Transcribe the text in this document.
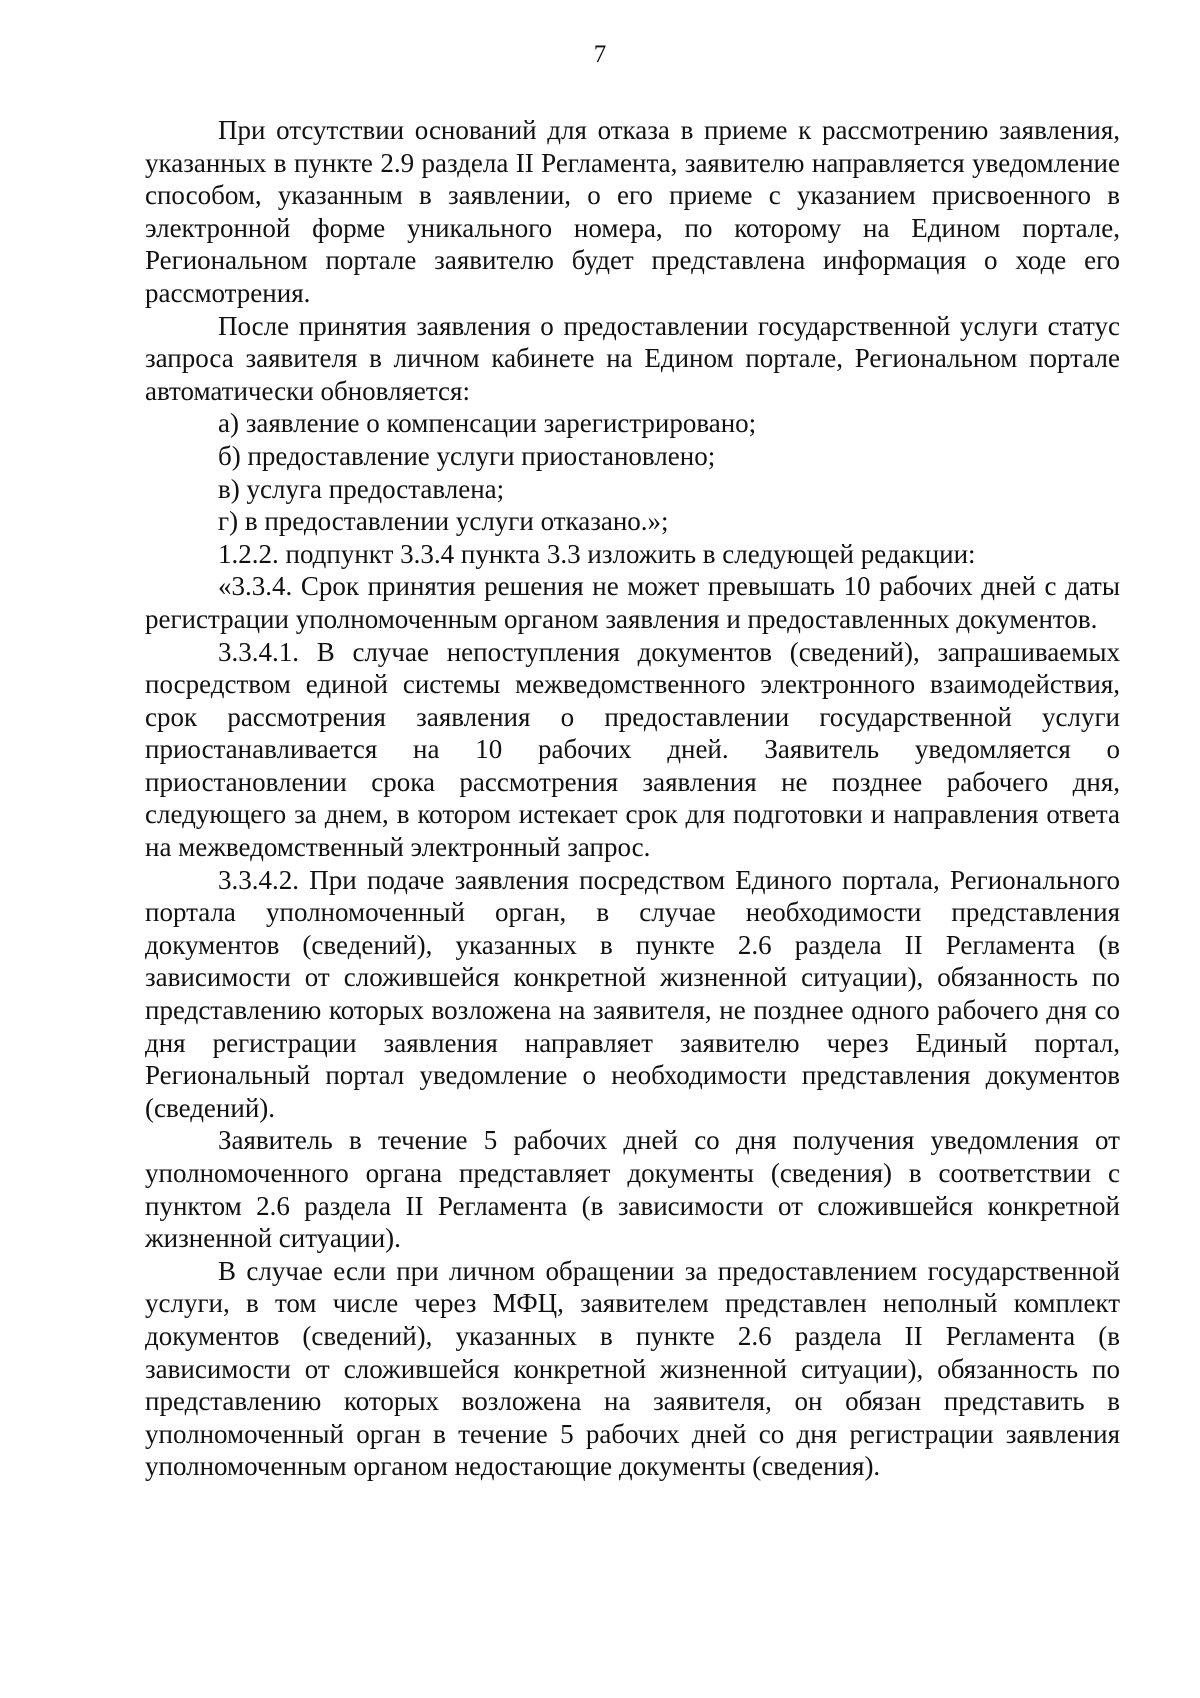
7

При отсутствии оснований для отказа в приеме к рассмотрению заявления, указанных в пункте 2.9 раздела II Регламента, заявителю направляется уведомление способом, указанным в заявлении, о его приеме с указанием присвоенного в электронной форме уникального номера, по которому на Едином портале, Региональном портале заявителю будет представлена информация о ходе его рассмотрения.

После принятия заявления о предоставлении государственной услуги статус запроса заявителя в личном кабинете на Едином портале, Региональном портале автоматически обновляется:

а) заявление о компенсации зарегистрировано;

б) предоставление услуги приостановлено;

в) услуга предоставлена;

г) в предоставлении услуги отказано.»;

1.2.2. подпункт 3.3.4 пункта 3.3 изложить в следующей редакции:

«3.3.4. Срок принятия решения не может превышать 10 рабочих дней с даты регистрации уполномоченным органом заявления и предоставленных документов.

3.3.4.1. В случае непоступления документов (сведений), запрашиваемых посредством единой системы межведомственного электронного взаимодействия, срок рассмотрения заявления о предоставлении государственной услуги приостанавливается на 10 рабочих дней. Заявитель уведомляется о приостановлении срока рассмотрения заявления не позднее рабочего дня, следующего за днем, в котором истекает срок для подготовки и направления ответа на межведомственный электронный запрос.

3.3.4.2. При подаче заявления посредством Единого портала, Регионального портала уполномоченный орган, в случае необходимости представления документов (сведений), указанных в пункте 2.6 раздела II Регламента (в зависимости от сложившейся конкретной жизненной ситуации), обязанность по представлению которых возложена на заявителя, не позднее одного рабочего дня со дня регистрации заявления направляет заявителю через Единый портал, Региональный портал уведомление о необходимости представления документов (сведений).

Заявитель в течение 5 рабочих дней со дня получения уведомления от уполномоченного органа представляет документы (сведения) в соответствии с пунктом 2.6 раздела II Регламента (в зависимости от сложившейся конкретной жизненной ситуации).

В случае если при личном обращении за предоставлением государственной услуги, в том числе через МФЦ, заявителем представлен неполный комплект документов (сведений), указанных в пункте 2.6 раздела II Регламента (в зависимости от сложившейся конкретной жизненной ситуации), обязанность по представлению которых возложена на заявителя, он обязан представить в уполномоченный орган в течение 5 рабочих дней со дня регистрации заявления уполномоченным органом недостающие документы (сведения).
